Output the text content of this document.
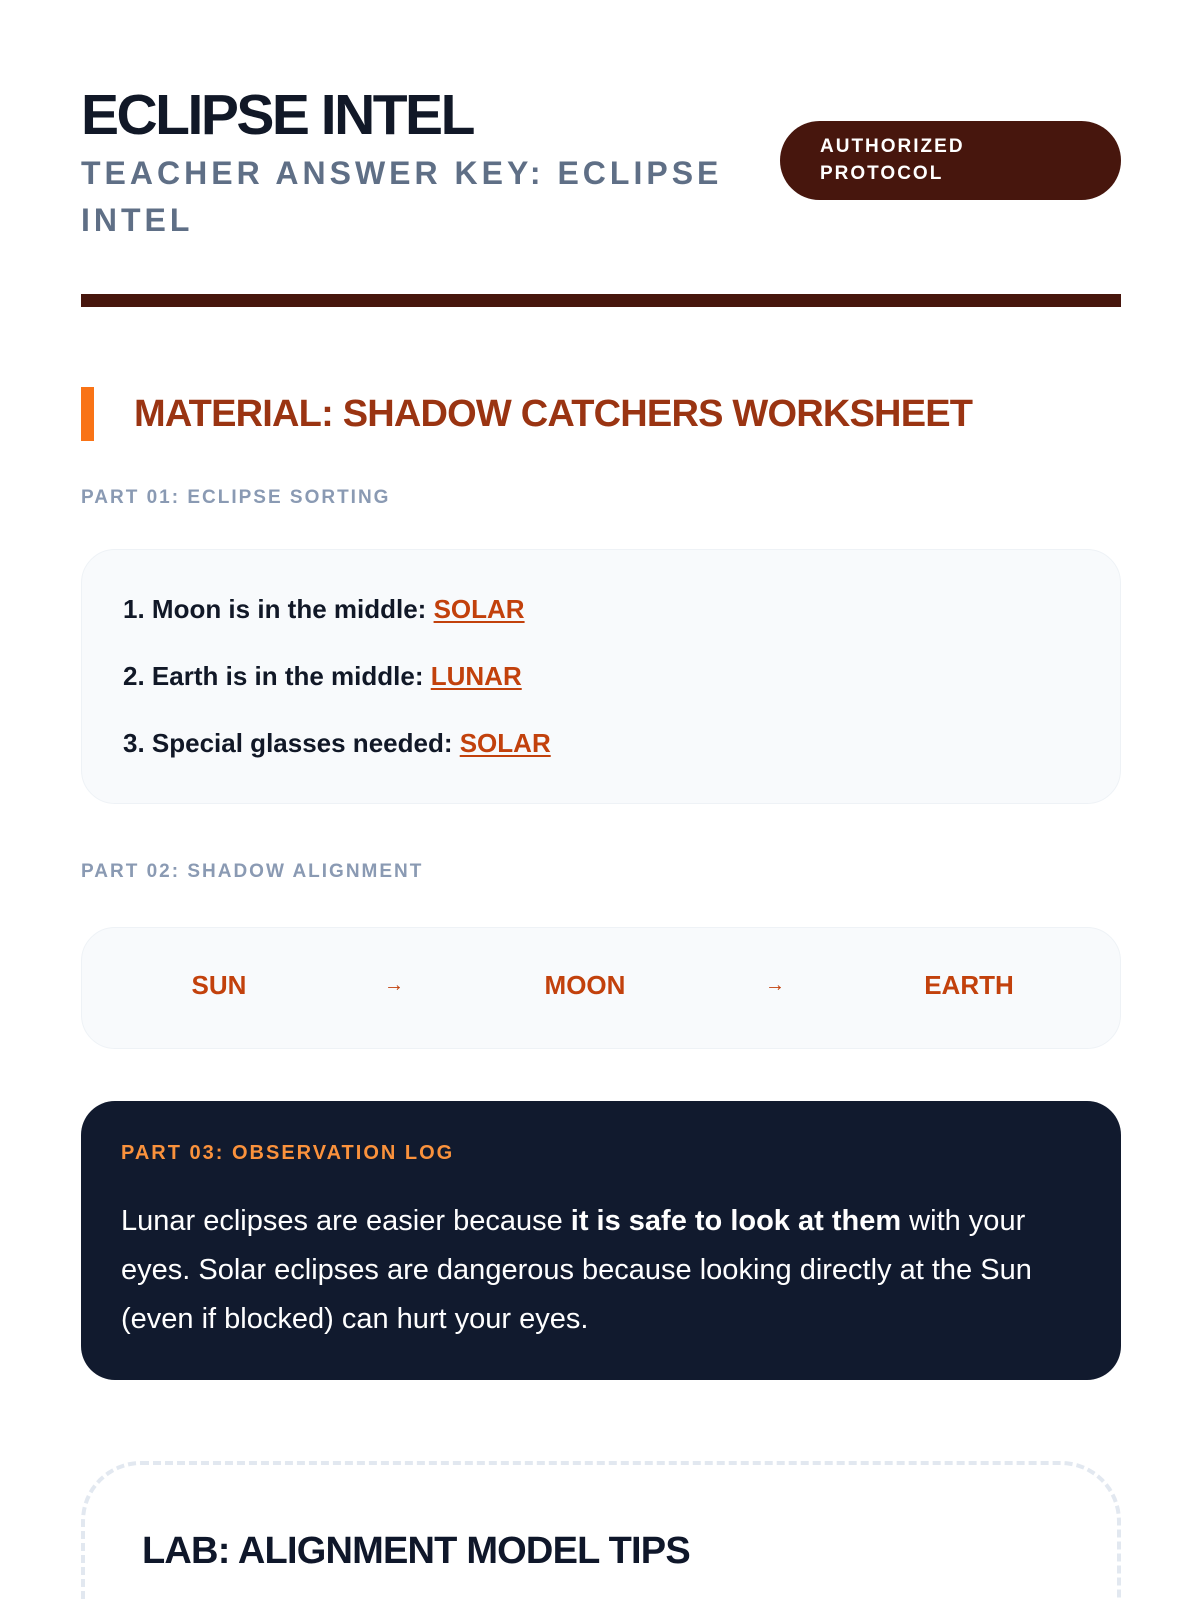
ECLIPSE INTEL

TEACHER ANSWER KEY: ECLIPSE INTEL

AUTHORIZED PROTOCOL
MATERIAL: SHADOW CATCHERS WORKSHEET

PART 01: ECLIPSE SORTING

1. Moon is in the middle: SOLAR
2. Earth is in the middle: LUNAR
3. Special glasses needed: SOLAR

PART 02: SHADOW ALIGNMENT

SUN	→	MOON	→	EARTH

PART 03: OBSERVATION LOG

Lunar eclipses are easier because it is safe to look at them with your eyes. Solar eclipses are dangerous because looking directly at the Sun (even if blocked) can hurt your eyes.

LAB: ALIGNMENT MODEL TIPS
